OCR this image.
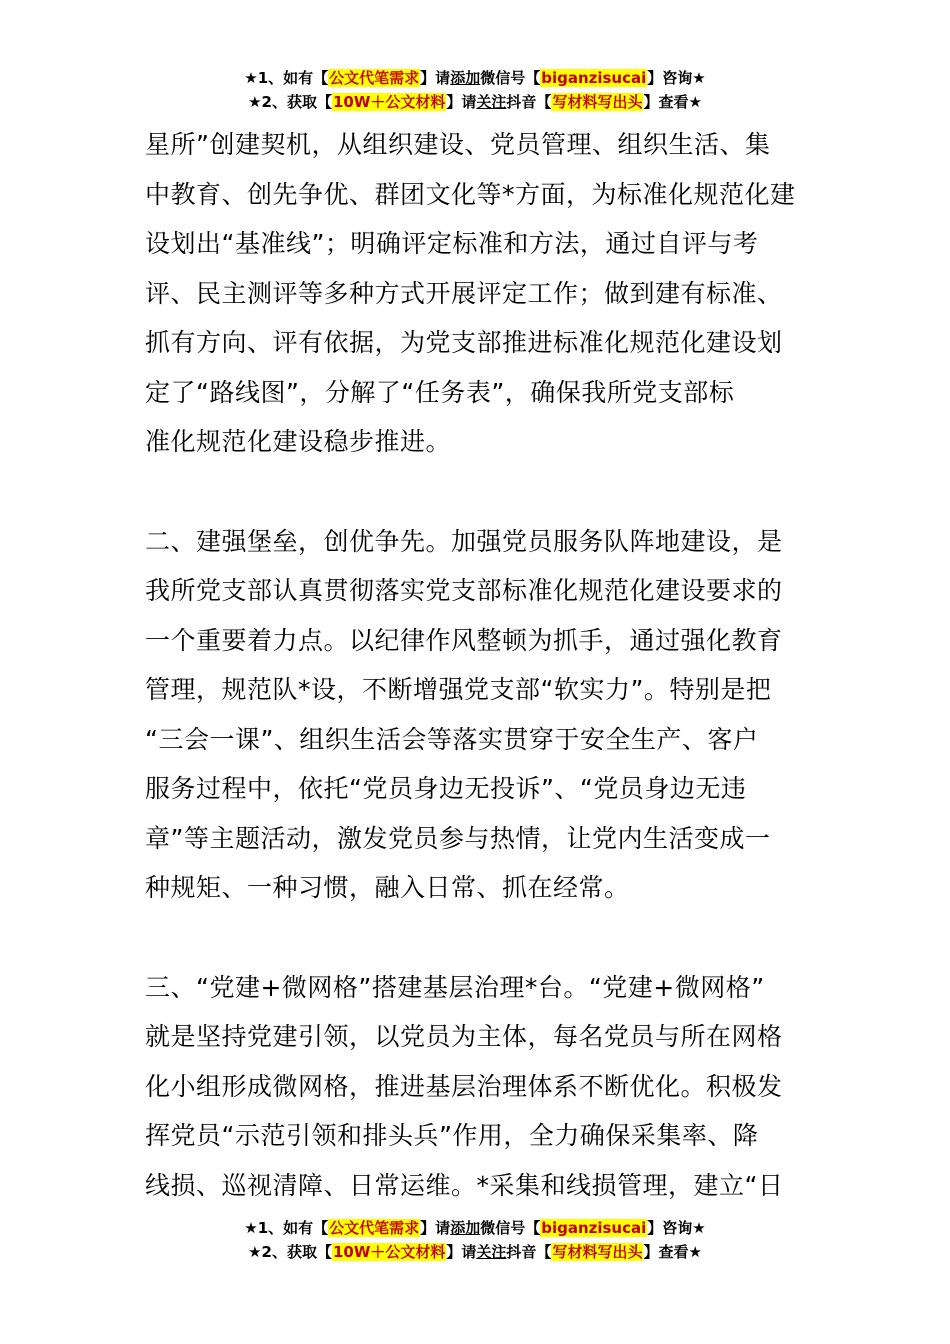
★1、如有【公文代笔需求】请添加微信号【biganzisucai】咨询★
★2、获取【10W＋公文材料】请关注抖音【写材料写出头】查看★

星所”创建契机，从组织建设、党员管理、组织生活、集

中教育、创先争优、群团文化等*方面，为标准化规范化建

设划出“基准线”；明确评定标准和方法，通过自评与考

评、民主测评等多种方式开展评定工作；做到建有标准、

抓有方向、评有依据，为党支部推进标准化规范化建设划

定了“路线图”，分解了“任务表”，确保我所党支部标

准化规范化建设稳步推进。

二、建强堡垒，创优争先。加强党员服务队阵地建设，是

我所党支部认真贯彻落实党支部标准化规范化建设要求的

一个重要着力点。以纪律作风整顿为抓手，通过强化教育

管理，规范队*设，不断增强党支部“软实力”。特别是把

“三会一课”、组织生活会等落实贯穿于安全生产、客户

服务过程中，依托“党员身边无投诉”、“党员身边无违

章”等主题活动，激发党员参与热情，让党内生活变成一

种规矩、一种习惯，融入日常、抓在经常。

三、“党建+微网格”搭建基层治理*台。“党建+微网格”

就是坚持党建引领，以党员为主体，每名党员与所在网格

化小组形成微网格，推进基层治理体系不断优化。积极发

挥党员“示范引领和排头兵”作用，全力确保采集率、降

线损、巡视清障、日常运维。*采集和线损管理，建立“日

★1、如有【公文代笔需求】请添加微信号【biganzisucai】咨询★
★2、获取【10W＋公文材料】请关注抖音【写材料写出头】查看★
